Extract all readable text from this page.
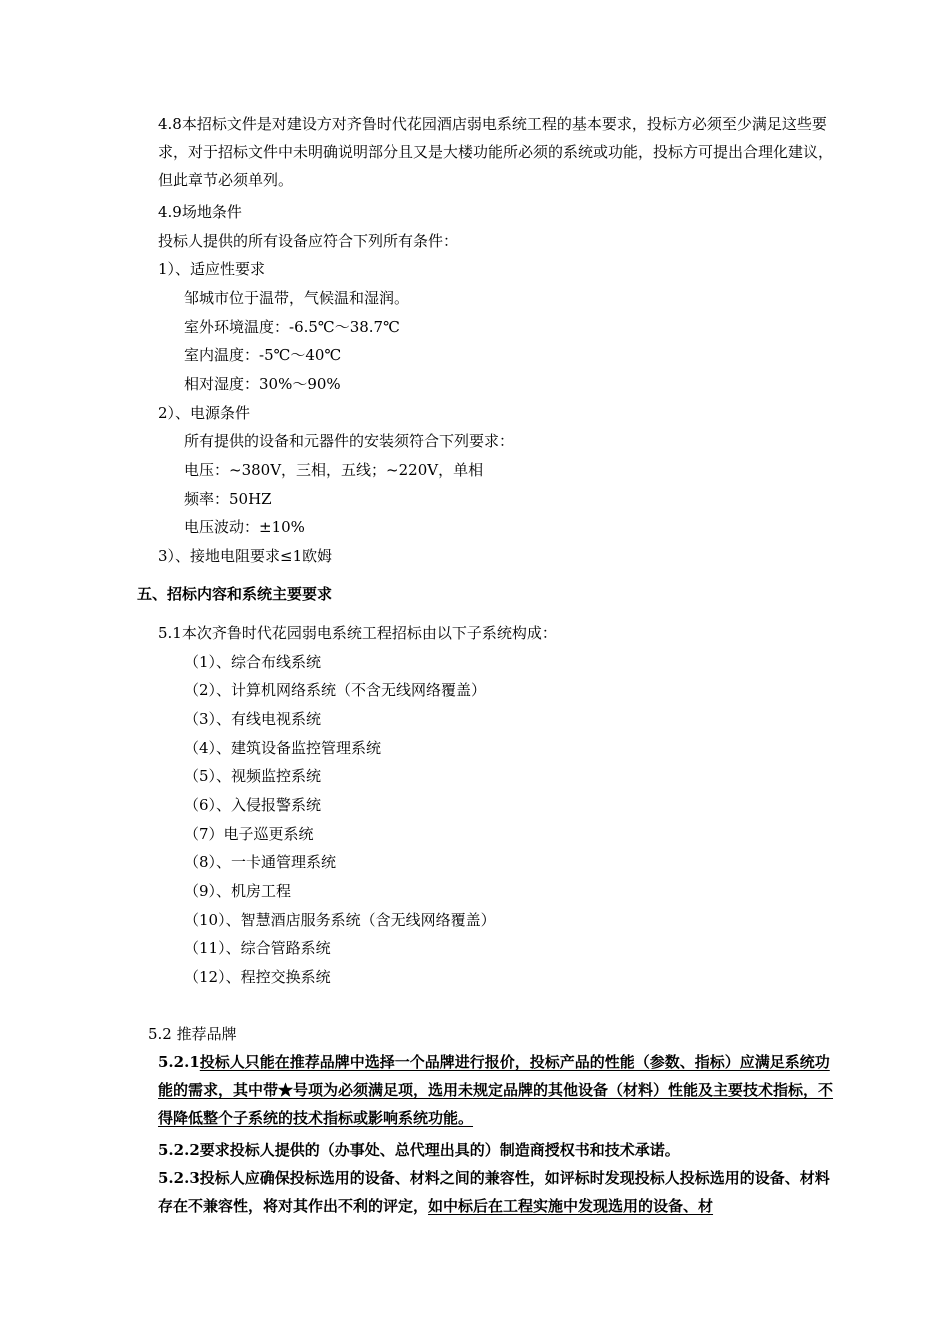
4.8本招标文件是对建设方对齐鲁时代花园酒店弱电系统工程的基本要求，投标方必须至少满足这些要求，对于招标文件中未明确说明部分且又是大楼功能所必须的系统或功能，投标方可提出合理化建议，但此章节必须单列。
4.9场地条件
投标人提供的所有设备应符合下列所有条件：
1）、适应性要求
邹城市位于温带，气候温和湿润。
室外环境温度：-6.5℃～38.7℃
室内温度：-5℃～40℃
相对湿度：30%～90%
2）、电源条件
所有提供的设备和元器件的安装须符合下列要求：
电压：~380V，三相，五线；~220V，单相
频率：50HZ
电压波动：±10%
3）、接地电阻要求≤1欧姆
五、招标内容和系统主要要求
5.1本次齐鲁时代花园弱电系统工程招标由以下子系统构成：
（1）、综合布线系统
（2）、计算机网络系统（不含无线网络覆盖）
（3）、有线电视系统
（4）、建筑设备监控管理系统
（5）、视频监控系统
（6）、入侵报警系统
（7）电子巡更系统
（8）、一卡通管理系统
（9）、机房工程
（10）、智慧酒店服务系统（含无线网络覆盖）
（11）、综合管路系统
（12）、程控交换系统
5.2 推荐品牌
5.2.1投标人只能在推荐品牌中选择一个品牌进行报价，投标产品的性能（参数、指标）应满足系统功能的需求，其中带★号项为必须满足项，选用未规定品牌的其他设备（材料）性能及主要技术指标，不得降低整个子系统的技术指标或影响系统功能。
5.2.2要求投标人提供的（办事处、总代理出具的）制造商授权书和技术承诺。
5.2.3投标人应确保投标选用的设备、材料之间的兼容性，如评标时发现投标人投标选用的设备、材料存在不兼容性，将对其作出不利的评定，如中标后在工程实施中发现选用的设备、材
